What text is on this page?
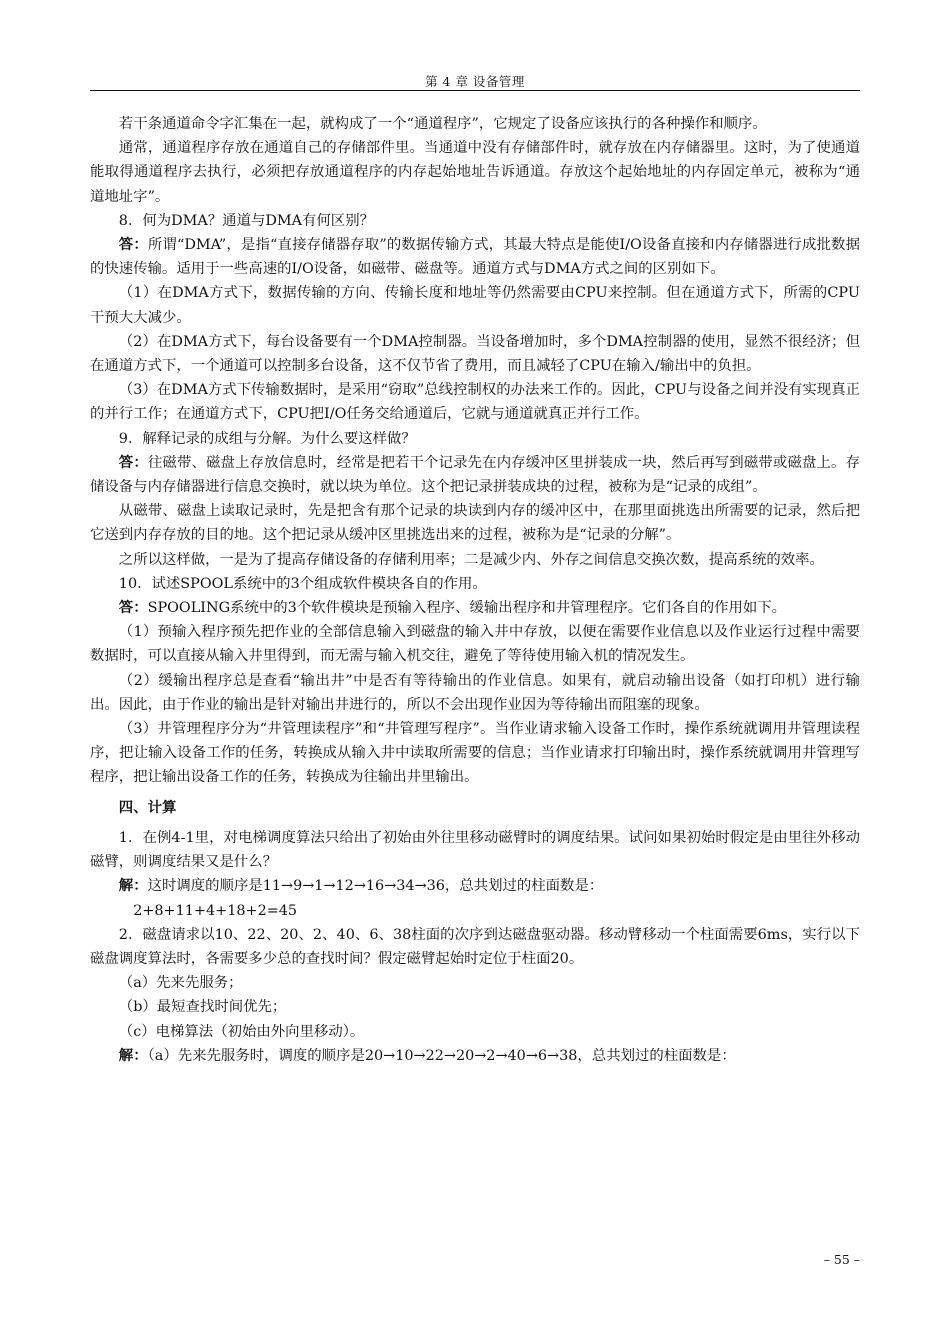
第 4 章 设备管理

若干条通道命令字汇集在一起，就构成了一个“通道程序”，它规定了设备应该执行的各种操作和顺序。

通常，通道程序存放在通道自己的存储部件里。当通道中没有存储部件时，就存放在内存储器里。这时，为了使通道能取得通道程序去执行，必须把存放通道程序的内存起始地址告诉通道。存放这个起始地址的内存固定单元，被称为“通道地址字”。

8．何为DMA？通道与DMA有何区别？

答：所谓“DMA”，是指“直接存储器存取”的数据传输方式，其最大特点是能使I/O设备直接和内存储器进行成批数据的快速传输。适用于一些高速的I/O设备，如磁带、磁盘等。通道方式与DMA方式之间的区别如下。

（1）在DMA方式下，数据传输的方向、传输长度和地址等仍然需要由CPU来控制。但在通道方式下，所需的CPU干预大大减少。

（2）在DMA方式下，每台设备要有一个DMA控制器。当设备增加时，多个DMA控制器的使用，显然不很经济；但在通道方式下，一个通道可以控制多台设备，这不仅节省了费用，而且减轻了CPU在输入/输出中的负担。

（3）在DMA方式下传输数据时，是采用“窃取”总线控制权的办法来工作的。因此，CPU与设备之间并没有实现真正的并行工作；在通道方式下，CPU把I/O任务交给通道后，它就与通道就真正并行工作。

9．解释记录的成组与分解。为什么要这样做？

答：往磁带、磁盘上存放信息时，经常是把若干个记录先在内存缓冲区里拼装成一块，然后再写到磁带或磁盘上。存储设备与内存储器进行信息交换时，就以块为单位。这个把记录拼装成块的过程，被称为是“记录的成组”。

从磁带、磁盘上读取记录时，先是把含有那个记录的块读到内存的缓冲区中，在那里面挑选出所需要的记录，然后把它送到内存存放的目的地。这个把记录从缓冲区里挑选出来的过程，被称为是“记录的分解”。

之所以这样做，一是为了提高存储设备的存储利用率；二是减少内、外存之间信息交换次数，提高系统的效率。

10．试述SPOOL系统中的3个组成软件模块各自的作用。

答：SPOOLING系统中的3个软件模块是预输入程序、缓输出程序和井管理程序。它们各自的作用如下。

（1）预输入程序预先把作业的全部信息输入到磁盘的输入井中存放，以便在需要作业信息以及作业运行过程中需要数据时，可以直接从输入井里得到，而无需与输入机交往，避免了等待使用输入机的情况发生。

（2）缓输出程序总是查看“输出井”中是否有等待输出的作业信息。如果有，就启动输出设备（如打印机）进行输出。因此，由于作业的输出是针对输出井进行的，所以不会出现作业因为等待输出而阻塞的现象。

（3）井管理程序分为“井管理读程序”和“井管理写程序”。当作业请求输入设备工作时，操作系统就调用井管理读程序，把让输入设备工作的任务，转换成从输入井中读取所需要的信息；当作业请求打印输出时，操作系统就调用井管理写程序，把让输出设备工作的任务，转换成为往输出井里输出。

四、计算

1．在例4-1里，对电梯调度算法只给出了初始由外往里移动磁臂时的调度结果。试问如果初始时假定是由里往外移动磁臂，则调度结果又是什么？

解：这时调度的顺序是11→9→1→12→16→34→36，总共划过的柱面数是：

2+8+11+4+18+2=45

2．磁盘请求以10、22、20、2、40、6、38柱面的次序到达磁盘驱动器。移动臂移动一个柱面需要6ms，实行以下磁盘调度算法时，各需要多少总的查找时间？假定磁臂起始时定位于柱面20。

（a）先来先服务；

（b）最短查找时间优先；

（c）电梯算法（初始由外向里移动）。

解：（a）先来先服务时，调度的顺序是20→10→22→20→2→40→6→38，总共划过的柱面数是：

– 55 –
